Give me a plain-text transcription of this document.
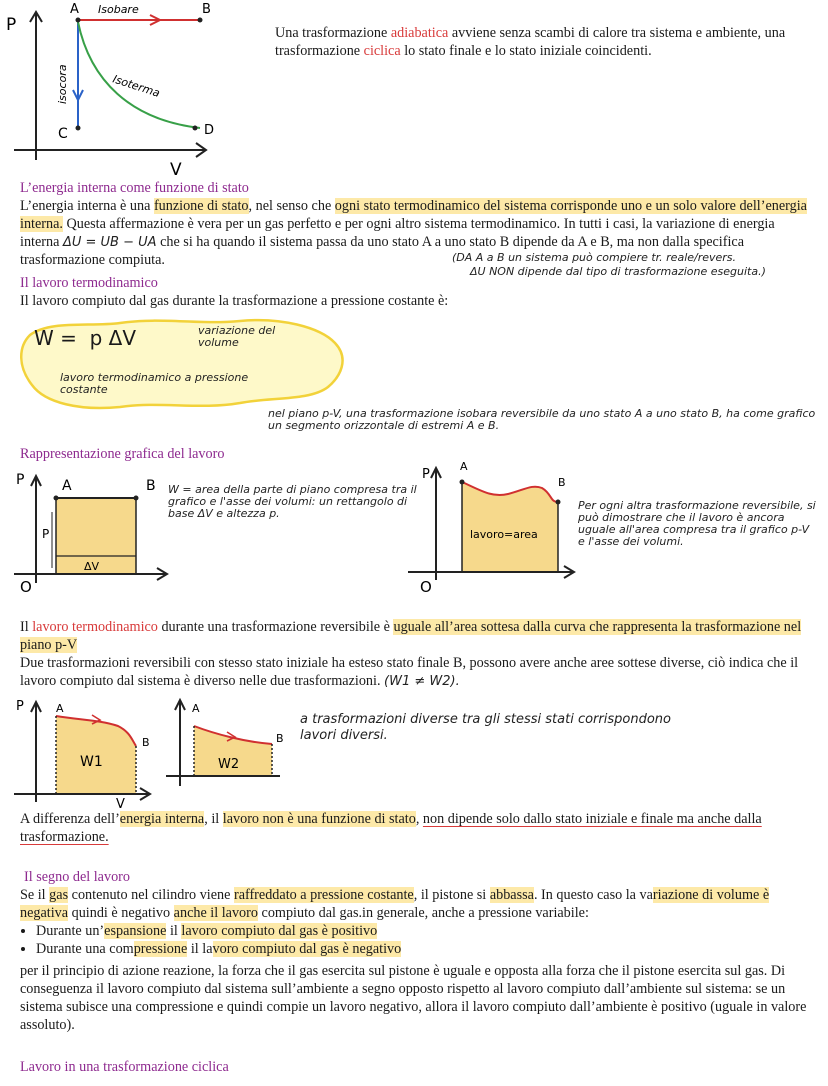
P
V
A	B
C	D
Isobare
isocora	Isoterma

Una trasformazione adiabatica avviene senza scambi di calore tra sistema e ambiente, una trasformazione ciclica lo stato finale e lo stato iniziale coincidenti.

L’energia interna come funzione di stato

L’energia interna è una funzione di stato, nel senso che ogni stato termodinamico del sistema corrisponde uno e un solo valore dell’energia interna. Questa affermazione è vera per un gas perfetto e per ogni altro sistema termodinamico. In tutti i casi, la variazione di energia interna ΔU = UB − UA che si ha quando il sistema passa da uno stato A a uno stato B dipende da A e B, ma non dalla specifica trasformazione compiuta.	(DA A a B un sistema può compiere tr. reale/revers.
ΔU NON dipende dal tipo di trasformazione eseguita.)

Il lavoro termodinamico

Il lavoro compiuto dal gas durante la trasformazione a pressione costante è:

W =  p ΔV	variazione del volume
lavoro termodinamico a pressione costante
nel piano p-V, una trasformazione isobara reversibile da uno stato A a uno stato B, ha come grafico un segmento orizzontale di estremi A e B.

Rappresentazione grafica del lavoro

P	A	B
P
ΔV
O
W = area della parte di piano compresa tra il grafico e l'asse dei volumi: un rettangolo di base ΔV e altezza p.
P
A
B
lavoro=area
O
Per ogni altra trasformazione reversibile, si può dimostrare che il lavoro è ancora uguale all'area compresa tra il grafico p-V e l'asse dei volumi.

Il lavoro termodinamico durante una trasformazione reversibile è uguale all’area sottesa dalla curva che rappresenta la trasformazione nel piano p-V

Due trasformazioni reversibili con stesso stato iniziale ha esteso stato finale B, possono avere anche aree sottese diverse, ciò indica che il lavoro compiuto dal sistema è diverso nelle due trasformazioni. (W1 ≠ W2).

P	A
B
W1
V
A
B
W2
a trasformazioni diverse tra gli stessi stati corrispondono lavori diversi.

A differenza dell’energia interna, il lavoro non è una funzione di stato, non dipende solo dallo stato iniziale e finale ma anche dalla trasformazione.

Il segno del lavoro

Se il gas contenuto nel cilindro viene raffreddato a pressione costante, il pistone si abbassa. In questo caso la variazione di volume è negativa quindi è negativo anche il lavoro compiuto dal gas.in generale, anche a pressione variabile:

• Durante un’espansione il lavoro compiuto dal gas è positivo
• Durante una compressione il lavoro compiuto dal gas è negativo

per il principio di azione reazione, la forza che il gas esercita sul pistone è uguale e opposta alla forza che il pistone esercita sul gas. Di conseguenza il lavoro compiuto dal sistema sull’ambiente a segno opposto rispetto al lavoro compiuto dall’ambiente sul sistema: se un sistema subisce una compressione e quindi compie un lavoro negativo, allora il lavoro compiuto dall’ambiente è positivo (uguale in valore assoluto).

Lavoro in una trasformazione ciclica
